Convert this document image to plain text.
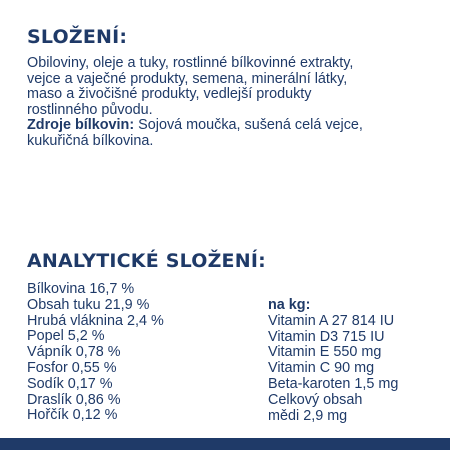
SLOŽENÍ:

Obiloviny, oleje a tuky, rostlinné bílkovinné extrakty,
vejce a vaječné produkty, semena, minerální látky,
maso a živočišné produkty, vedlejší produkty
rostlinného původu.
Zdroje bílkovin: Sojová moučka, sušená celá vejce,
kukuřičná bílkovina.

ANALYTICKÉ SLOŽENÍ:
Bílkovina 16,7 %
Obsah tuku 21,9 %
Hrubá vláknina 2,4 %
Popel 5,2 %
Vápník 0,78 %
Fosfor 0,55 %
Sodík 0,17 %
Draslík 0,86 %
Hořčík 0,12 %
na kg:
Vitamin A 27 814 IU
Vitamin D3 715 IU
Vitamin E 550 mg
Vitamin C 90 mg
Beta-karoten 1,5 mg
Celkový obsah
mědi 2,9 mg
